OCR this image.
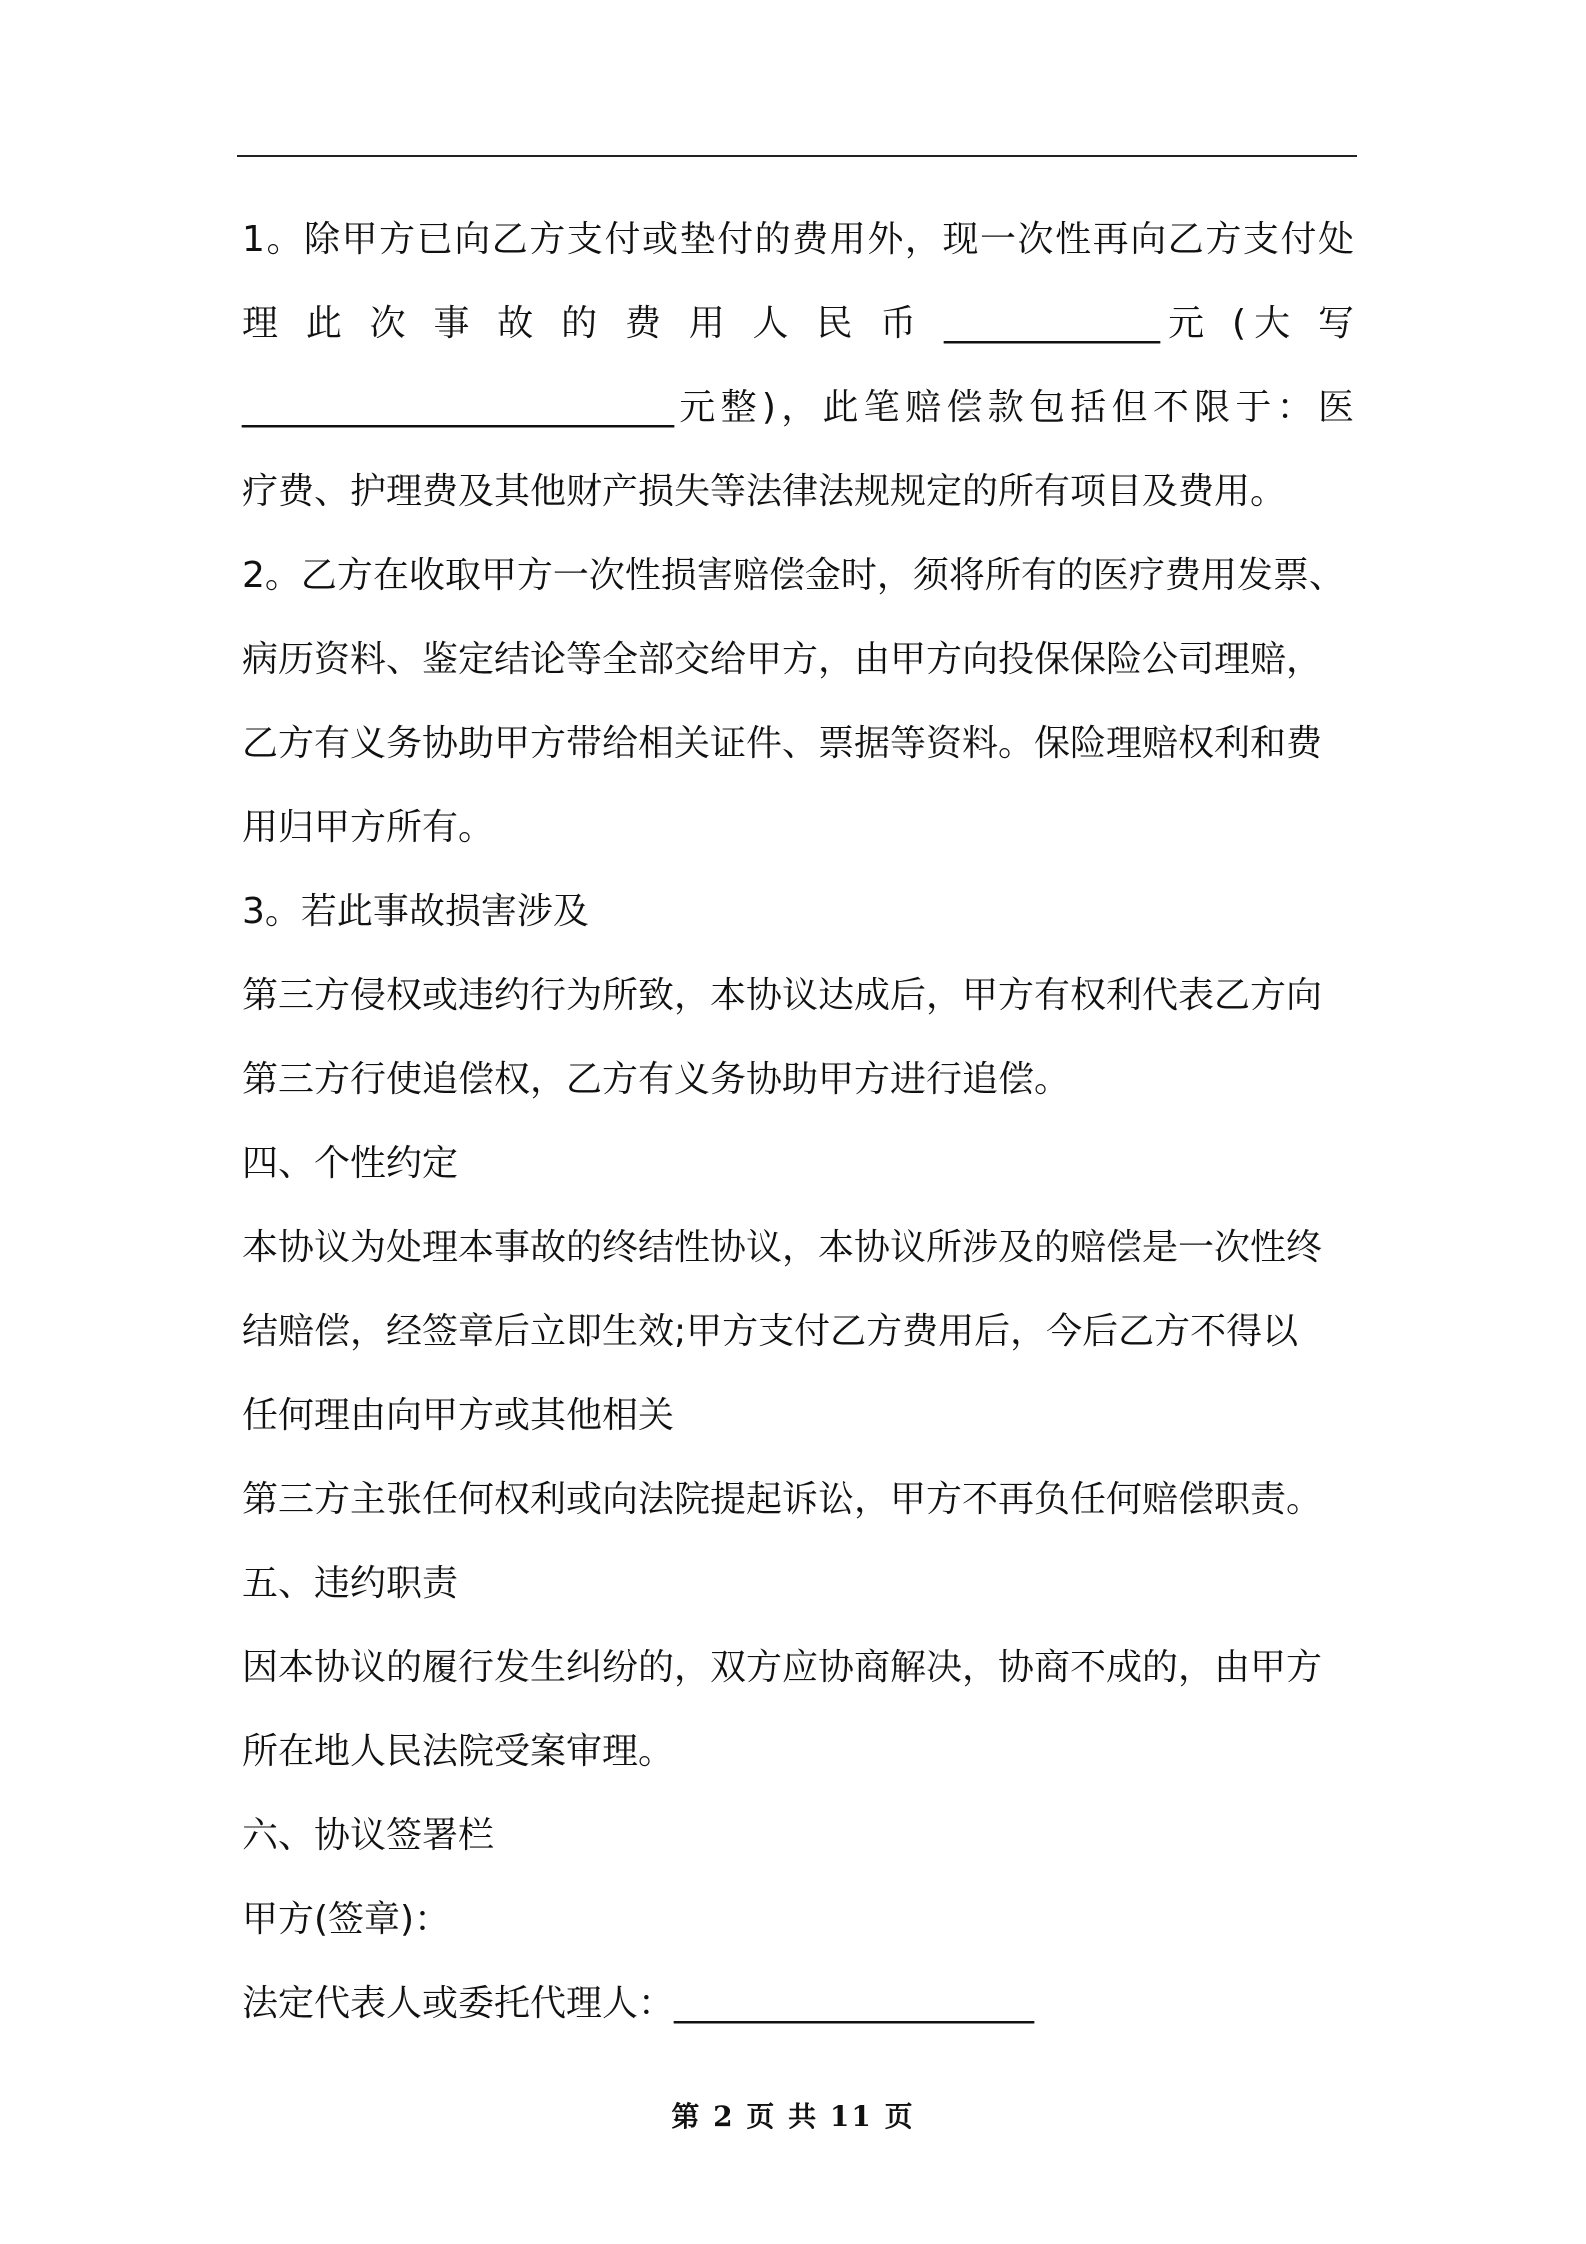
1。除甲方已向乙方支付或垫付的费用外，现一次性再向乙方支付处
理 此 次 事 故 的 费 用 人 民 币 ____________元 (大 写
________________________元整)，此笔赔偿款包括但不限于：医
疗费、护理费及其他财产损失等法律法规规定的所有项目及费用。
2。乙方在收取甲方一次性损害赔偿金时，须将所有的医疗费用发票、
病历资料、鉴定结论等全部交给甲方，由甲方向投保保险公司理赔，
乙方有义务协助甲方带给相关证件、票据等资料。保险理赔权利和费
用归甲方所有。
3。若此事故损害涉及
第三方侵权或违约行为所致，本协议达成后，甲方有权利代表乙方向
第三方行使追偿权，乙方有义务协助甲方进行追偿。
四、个性约定
本协议为处理本事故的终结性协议，本协议所涉及的赔偿是一次性终
结赔偿，经签章后立即生效;甲方支付乙方费用后，今后乙方不得以
任何理由向甲方或其他相关
第三方主张任何权利或向法院提起诉讼，甲方不再负任何赔偿职责。
五、违约职责
因本协议的履行发生纠纷的，双方应协商解决，协商不成的，由甲方
所在地人民法院受案审理。
六、协议签署栏
甲方(签章)：
法定代表人或委托代理人：____________________
第 2 页 共 11 页
